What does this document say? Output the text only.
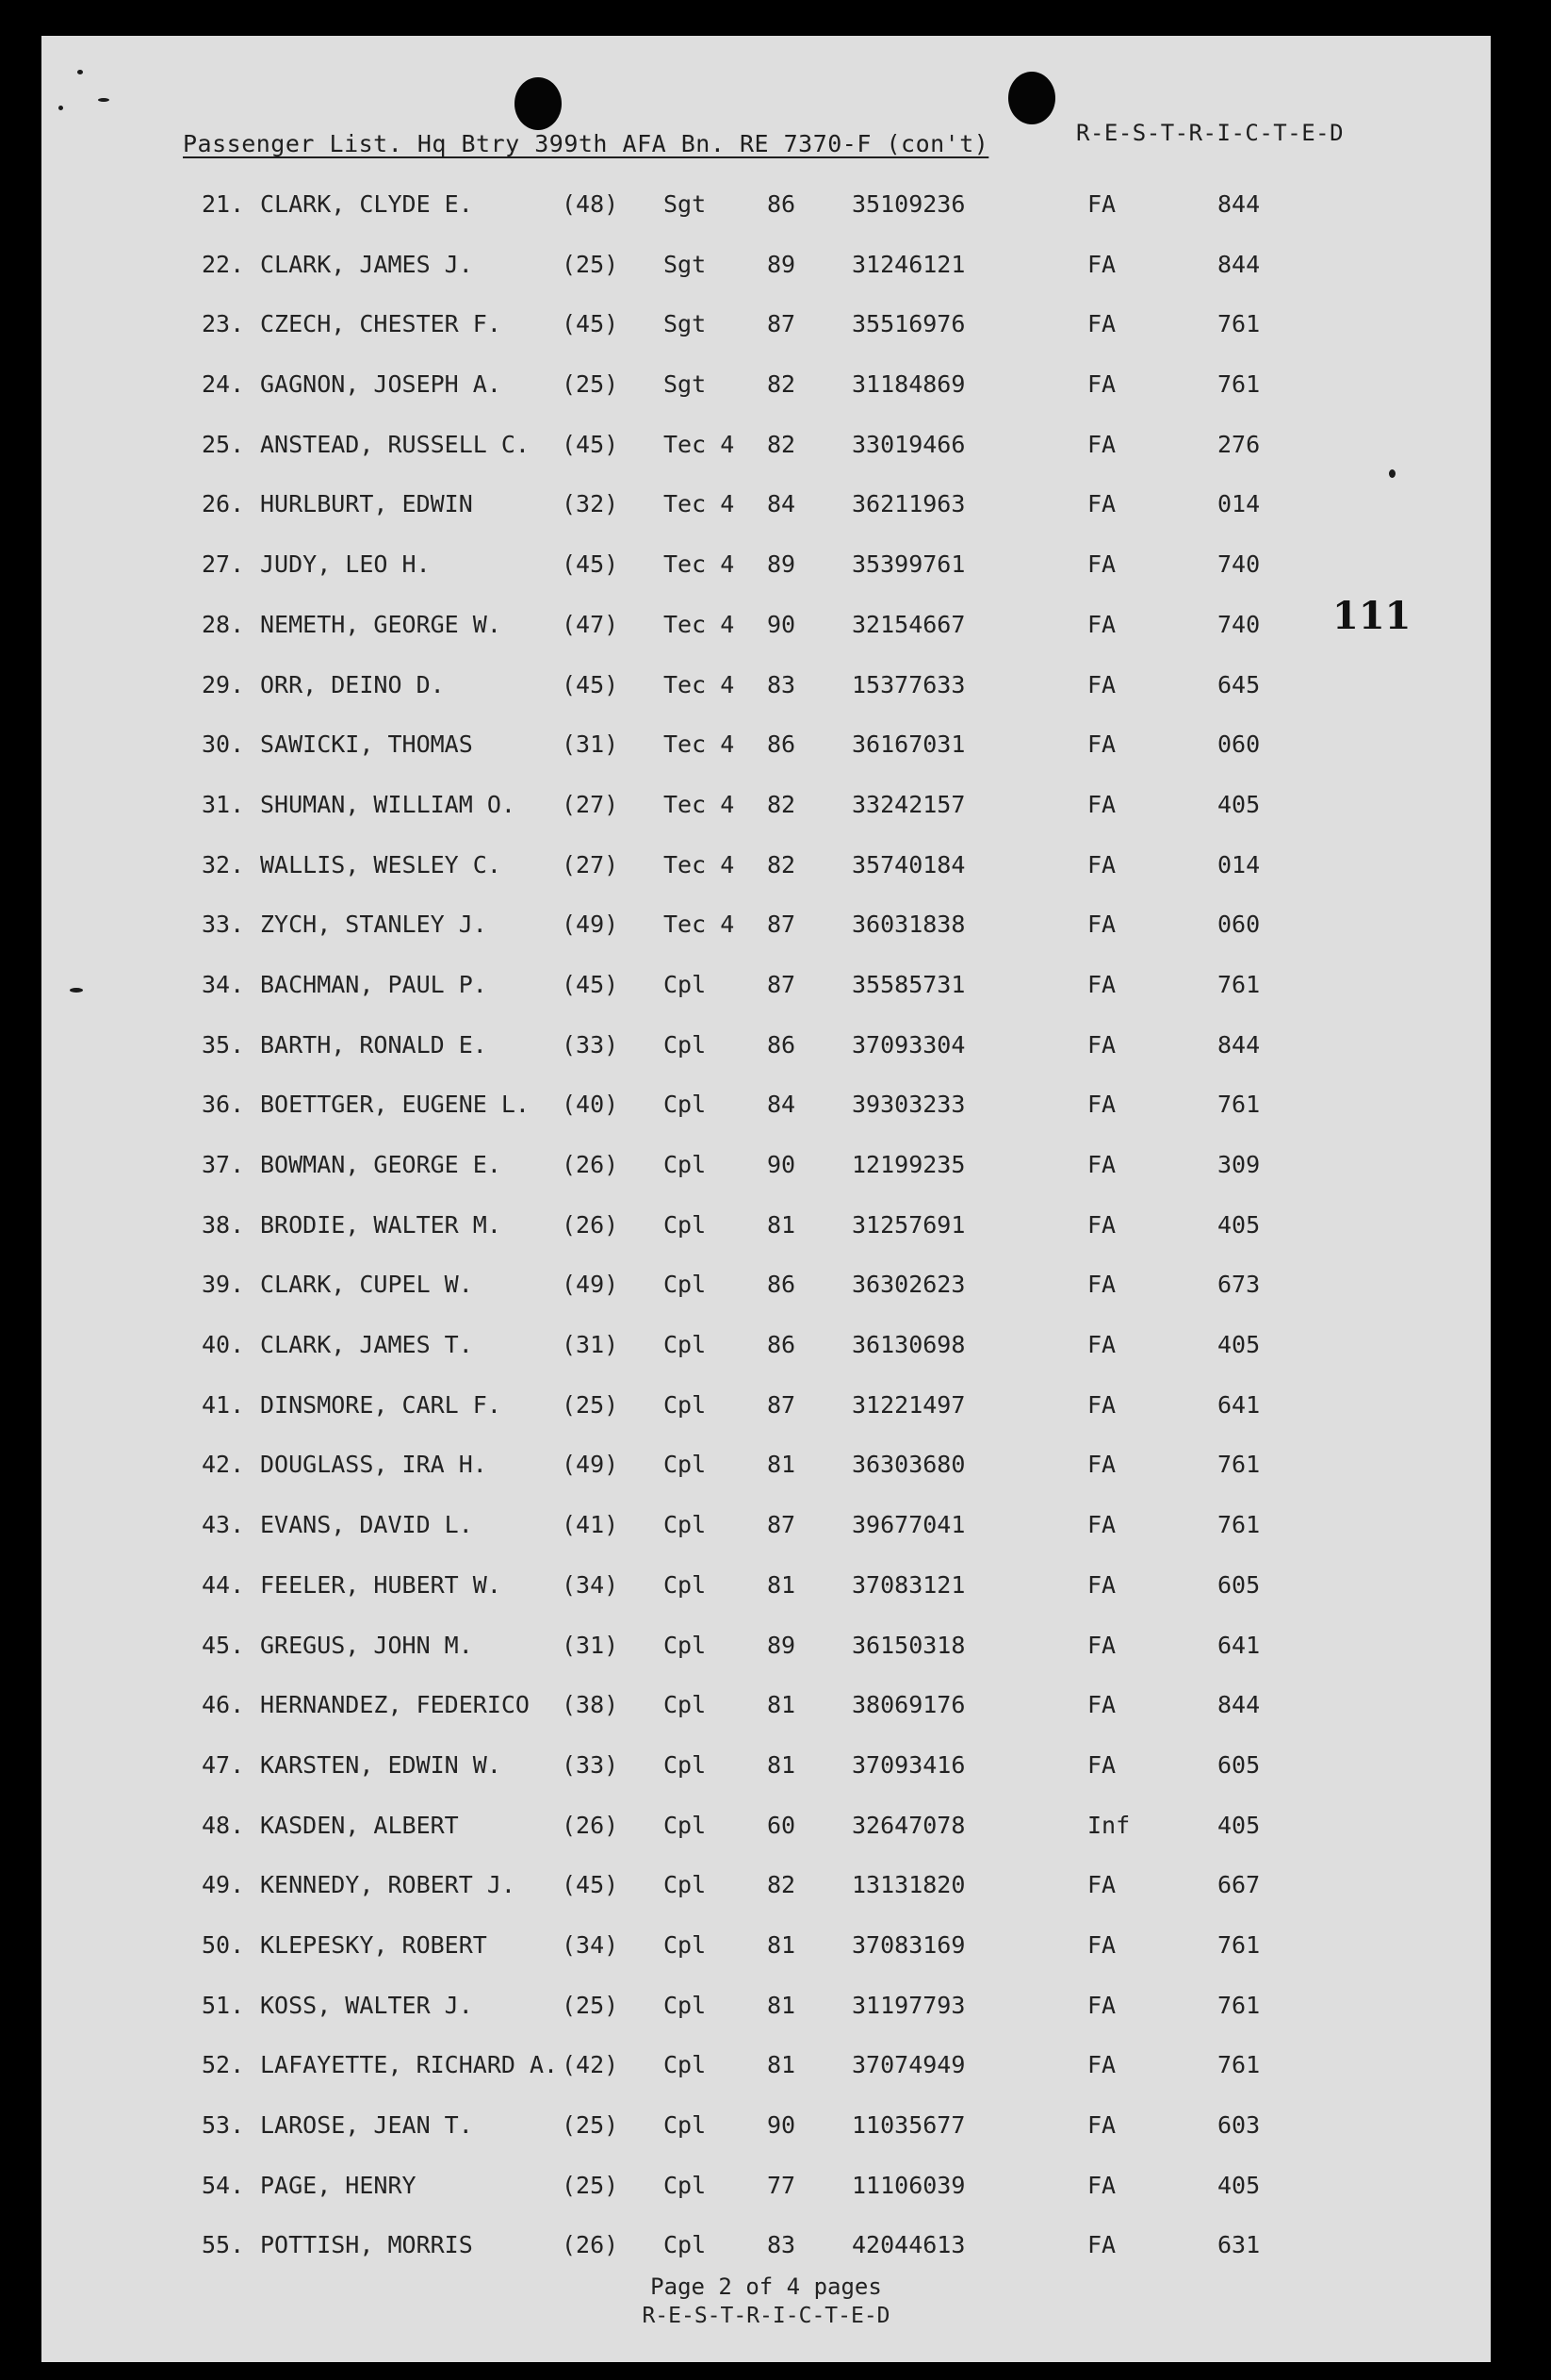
Passenger List. Hq Btry 399th AFA Bn. RE 7370-F (con't)	R-E-S-T-R-I-C-T-E-D
111
21. CLARK, CLYDE E.	(48) Sgt	86 35109236	FA	844
22. CLARK, JAMES J.	(25) Sgt	89 31246121	FA	844
23. CZECH, CHESTER F.	(45) Sgt	87 35516976	FA	761
24. GAGNON, JOSEPH A.	(25) Sgt	82 31184869	FA	761
25. ANSTEAD, RUSSELL C. (45) Tec 4 82 33019466	FA	276
26. HURLBURT, EDWIN	(32) Tec 4 84 36211963	FA	014
27. JUDY, LEO H.	(45) Tec 4 89 35399761	FA	740
28. NEMETH, GEORGE W.	(47) Tec 4 90 32154667	FA	740
29. ORR, DEINO D.	(45) Tec 4 83 15377633	FA	645
30. SAWICKI, THOMAS	(31) Tec 4 86 36167031	FA	060
31. SHUMAN, WILLIAM O. (27) Tec 4 82 33242157	FA	405
32. WALLIS, WESLEY C.	(27) Tec 4 82 35740184	FA	014
33. ZYCH, STANLEY J.	(49) Tec 4 87 36031838	FA	060
34. BACHMAN, PAUL P.	(45) Cpl	87 35585731	FA	761
35. BARTH, RONALD E.	(33) Cpl	86 37093304	FA	844
36. BOETTGER, EUGENE L. (40) Cpl	84 39303233	FA	761
37. BOWMAN, GEORGE E.	(26) Cpl	90 12199235	FA	309
38. BRODIE, WALTER M.	(26) Cpl	81 31257691	FA	405
39. CLARK, CUPEL W.	(49) Cpl	86 36302623	FA	673
40. CLARK, JAMES T.	(31) Cpl	86 36130698	FA	405
41. DINSMORE, CARL F.	(25) Cpl	87 31221497	FA	641
42. DOUGLASS, IRA H.	(49) Cpl	81 36303680	FA	761
43. EVANS, DAVID L.	(41) Cpl	87 39677041	FA	761
44. FEELER, HUBERT W.	(34) Cpl	81 37083121	FA	605
45. GREGUS, JOHN M.	(31) Cpl	89 36150318	FA	641
46. HERNANDEZ, FEDERICO (38) Cpl	81 38069176	FA	844
47. KARSTEN, EDWIN W.	(33) Cpl	81 37093416	FA	605
48. KASDEN, ALBERT	(26) Cpl	60 32647078	Inf	405
49. KENNEDY, ROBERT J. (45) Cpl	82 13131820	FA	667
50. KLEPESKY, ROBERT	(34) Cpl	81 37083169	FA	761
51. KOSS, WALTER J.	(25) Cpl	81 31197793	FA	761
52. LAFAYETTE, RICHARD A. (42) Cpl	81 37074949	FA	761
53. LAROSE, JEAN T.	(25) Cpl	90 11035677	FA	603
54. PAGE, HENRY	(25) Cpl	77 11106039	FA	405
55. POTTISH, MORRIS	(26) Cpl	83 42044613	FA	631
Page 2 of 4 pages
R-E-S-T-R-I-C-T-E-D
